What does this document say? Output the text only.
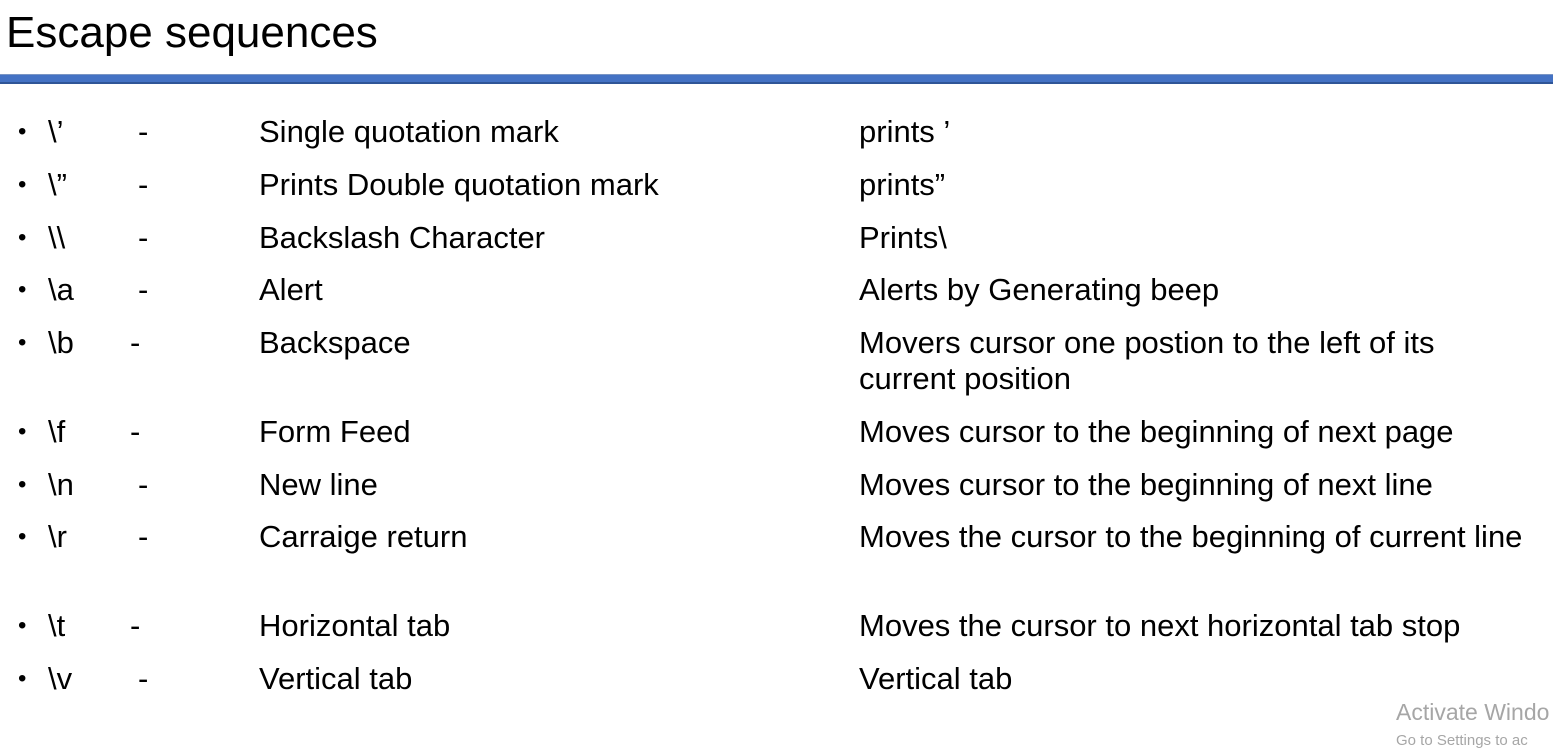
Escape sequences
• \’ -	Single quotation mark	prints ’
• \” -	Prints Double quotation mark	prints”
• \\ -	Backslash Character	Prints\
• \a -	Alert	Alerts by Generating beep
• \b -	Backspace	Movers cursor one postion to the left of its current position
• \f -	Form Feed	Moves cursor to the beginning of next page
• \n -	New line	Moves cursor to the beginning of next line
• \r -	Carraige return	Moves the cursor to the beginning of current line
• \t -	Horizontal tab	Moves the cursor to next horizontal tab stop
• \v -	Vertical tab	Vertical tab
Activate Windo
Go to Settings to ac
